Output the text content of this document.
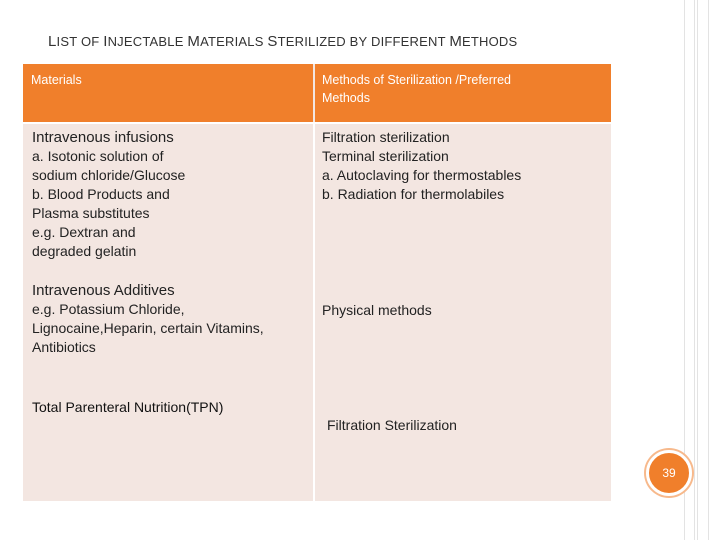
LIST OF INJECTABLE MATERIALS STERILIZED BY DIFFERENT METHODS
Materials	Methods of Sterilization /Preferred
Methods
Intravenous infusions
a. Isotonic solution of
sodium chloride/Glucose
b. Blood Products and
Plasma substitutes
e.g. Dextran and
degraded gelatin
Filtration sterilization
Terminal sterilization
a. Autoclaving for thermostables
b. Radiation for thermolabiles
Intravenous Additives
e.g. Potassium Chloride,
Lignocaine,Heparin, certain Vitamins,
Antibiotics
Physical methods
Total Parenteral Nutrition(TPN)
Filtration Sterilization
39
